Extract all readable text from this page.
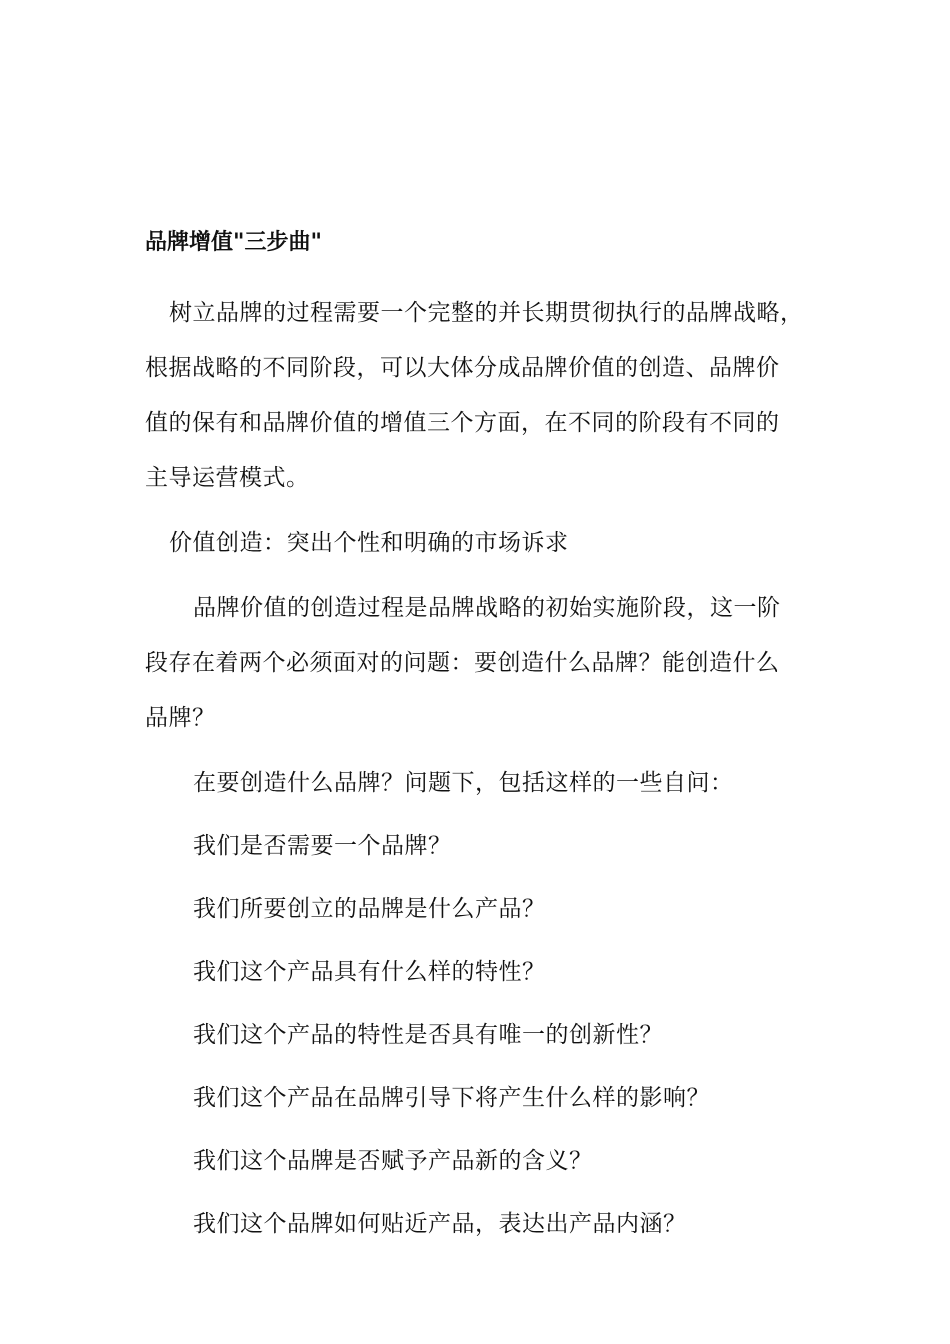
品牌增值"三步曲"
树立品牌的过程需要一个完整的并长期贯彻执行的品牌战略，
根据战略的不同阶段，可以大体分成品牌价值的创造、品牌价
值的保有和品牌价值的增值三个方面，在不同的阶段有不同的
主导运营模式。
价值创造：突出个性和明确的市场诉求
品牌价值的创造过程是品牌战略的初始实施阶段，这一阶
段存在着两个必须面对的问题：要创造什么品牌？能创造什么
品牌？
在要创造什么品牌？问题下，包括这样的一些自问：
我们是否需要一个品牌？
我们所要创立的品牌是什么产品？
我们这个产品具有什么样的特性？
我们这个产品的特性是否具有唯一的创新性？
我们这个产品在品牌引导下将产生什么样的影响？
我们这个品牌是否赋予产品新的含义？
我们这个品牌如何贴近产品，表达出产品内涵？
